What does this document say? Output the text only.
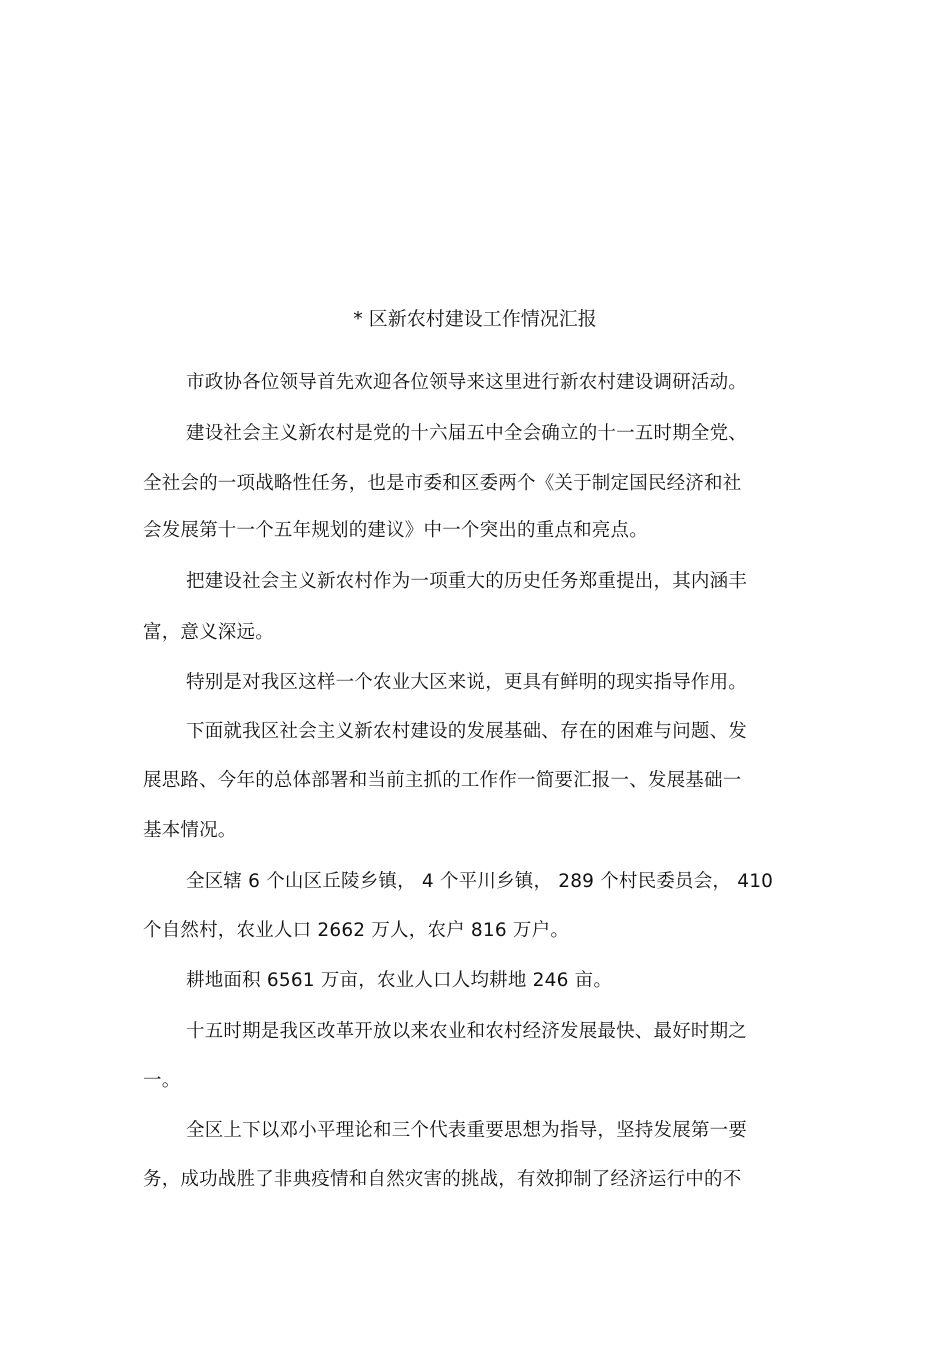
* 区新农村建设工作情况汇报
市政协各位领导首先欢迎各位领导来这里进行新农村建设调研活动。
建设社会主义新农村是党的十六届五中全会确立的十一五时期全党、
全社会的一项战略性任务，也是市委和区委两个《关于制定国民经济和社
会发展第十一个五年规划的建议》中一个突出的重点和亮点。
把建设社会主义新农村作为一项重大的历史任务郑重提出，其内涵丰
富，意义深远。
特别是对我区这样一个农业大区来说，更具有鲜明的现实指导作用。
下面就我区社会主义新农村建设的发展基础、存在的困难与问题、发
展思路、今年的总体部署和当前主抓的工作作一简要汇报一、发展基础一
基本情况。
全区辖 6 个山区丘陵乡镇， 4 个平川乡镇， 289 个村民委员会， 410
个自然村，农业人口 2662 万人，农户 816 万户。
耕地面积 6561 万亩，农业人口人均耕地 246 亩。
十五时期是我区改革开放以来农业和农村经济发展最快、最好时期之
一。
全区上下以邓小平理论和三个代表重要思想为指导，坚持发展第一要
务，成功战胜了非典疫情和自然灾害的挑战，有效抑制了经济运行中的不
